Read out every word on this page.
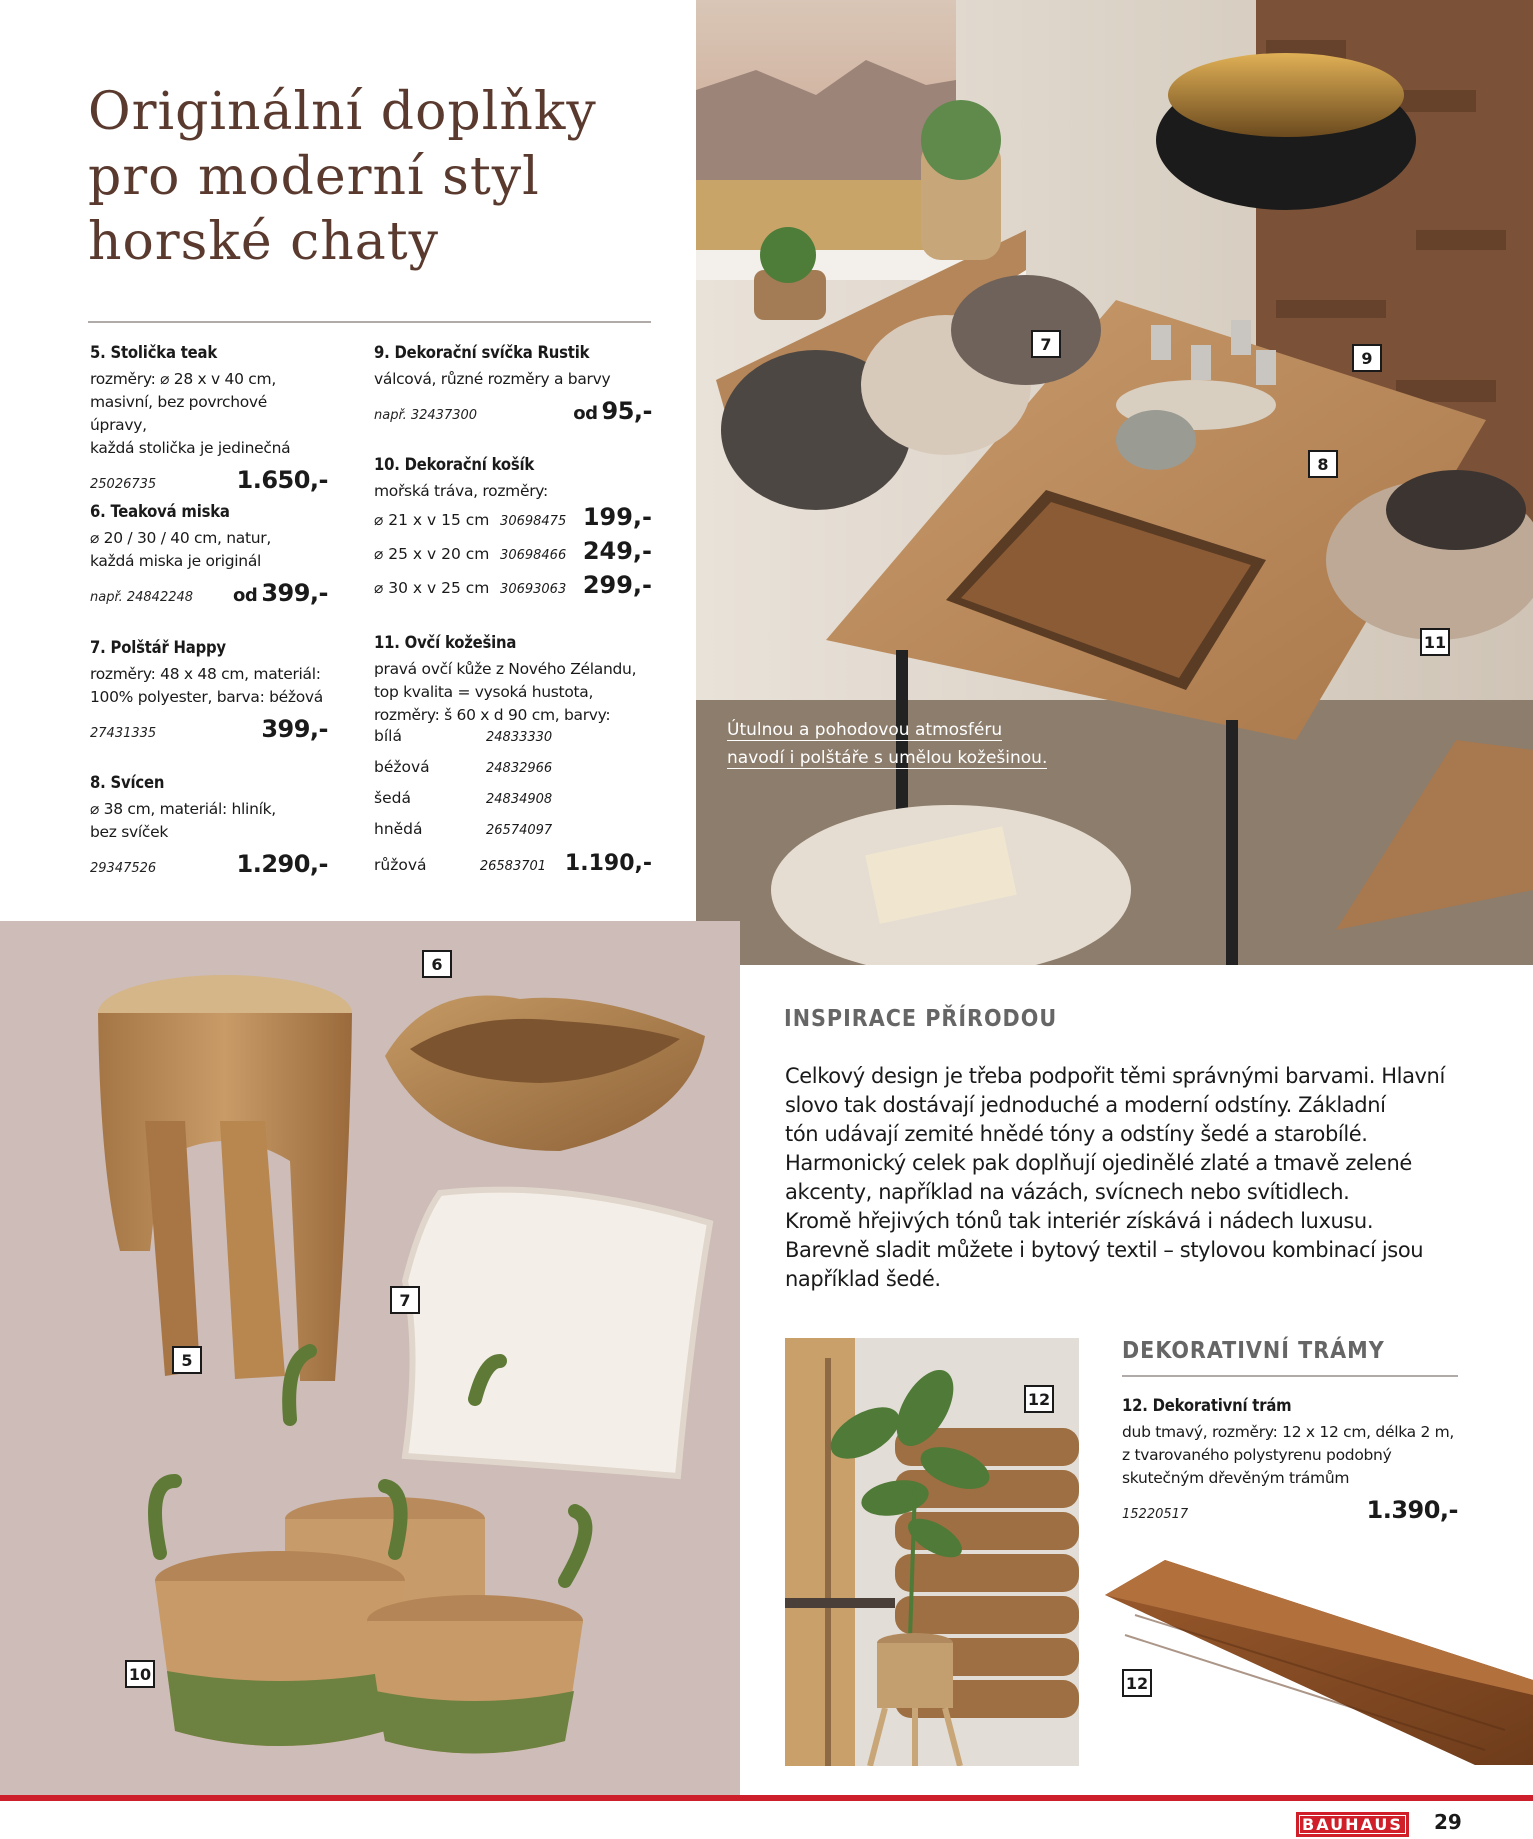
Originální doplňky
pro moderní styl
horské chaty
5. Stolička teak

rozměry: ⌀ 28 x v 40 cm,

masivní, bez povrchové úpravy,

každá stolička je jedinečná

25026735	1.650,-
6. Teaková miska

⌀ 20 / 30 / 40 cm, natur,

každá miska je originál

např. 24842248 od 399,-
7. Polštář Happy

rozměry: 48 x 48 cm, materiál:

100% polyester, barva: béžová

27431335	399,-
8. Svícen

⌀ 38 cm, materiál: hliník,

bez svíček

29347526	1.290,-
9. Dekorační svíčka Rustik

válcová, různé rozměry a barvy

např. 32437300	od 95,-
10. Dekorační košík

mořská tráva, rozměry:

⌀ 21 x v 15 cm 30698475 199,-
⌀ 25 x v 20 cm 30698466 249,-
⌀ 30 x v 25 cm 30693063 299,-
11. Ovčí kožešina

pravá ovčí kůže z Nového Zélandu,

top kvalita = vysoká hustota,

rozměry: š 60 x d 90 cm, barvy:

bílá	24833330
béžová	24832966
šedá	24834908
hnědá	26574097
růžová	26583701 1.190,-
Útulnou a pohodovou atmosféru
navodí i polštáře s umělou kožešinou.
7
9
8
11
6
5
7
10
INSPIRACE PŘÍRODOU
Celkový design je třeba podpořit těmi správnými barvami. Hlavní
slovo tak dostávají jednoduché a moderní odstíny. Základní
tón udávají zemité hnědé tóny a odstíny šedé a starobílé.
Harmonický celek pak doplňují ojedinělé zlaté a tmavě zelené
akcenty, například na vázách, svícnech nebo svítidlech.
Kromě hřejivých tónů tak interiér získává i nádech luxusu.
Barevně sladit můžete i bytový textil – stylovou kombinací jsou
například šedé.
12
DEKORATIVNÍ TRÁMY
12. Dekorativní trám

dub tmavý, rozměry: 12 x 12 cm, délka 2 m,

z tvarovaného polystyrenu podobný

skutečným dřevěným trámům

15220517	1.390,-
12
BAUHAUS	29
